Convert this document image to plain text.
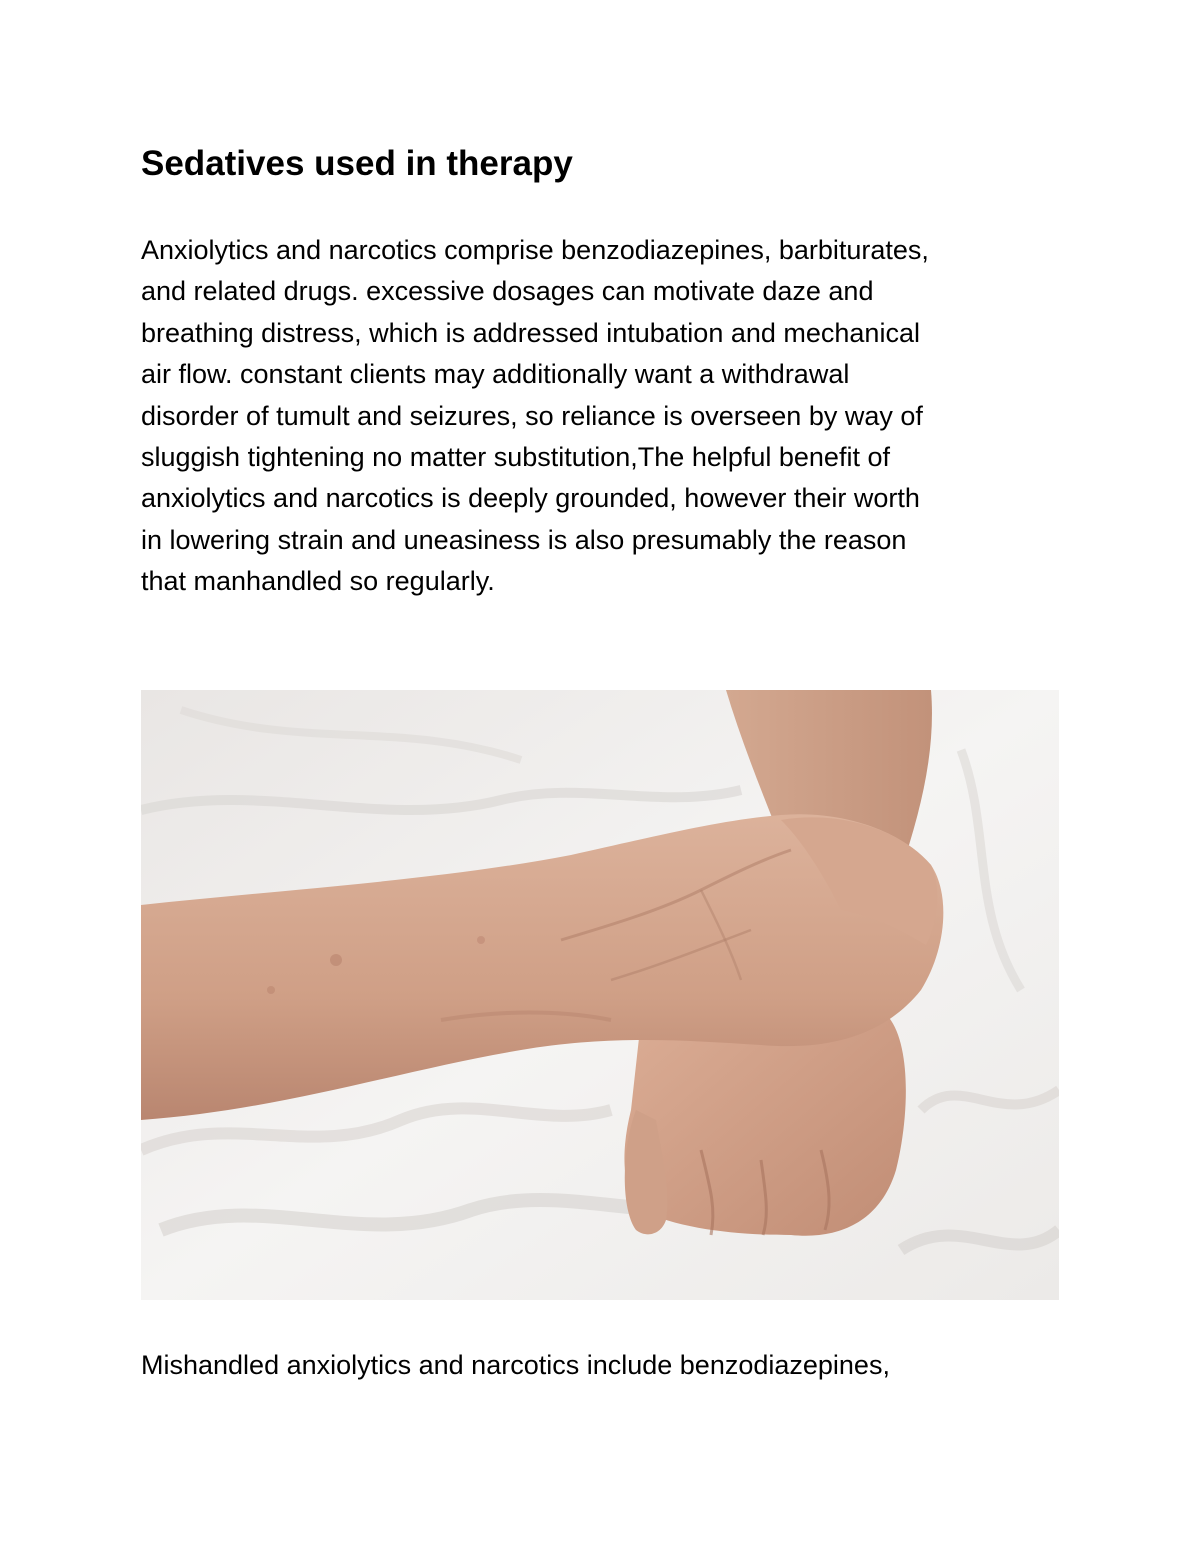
Sedatives used in therapy

Anxiolytics and narcotics comprise benzodiazepines, barbiturates,
and related drugs. excessive dosages can motivate daze and
breathing distress, which is addressed intubation and mechanical
air flow. constant clients may additionally want a withdrawal
disorder of tumult and seizures, so reliance is overseen by way of
sluggish tightening no matter substitution,The helpful benefit of
anxiolytics and narcotics is deeply grounded, however their worth
in lowering strain and uneasiness is also presumably the reason
that manhandled so regularly.

Mishandled anxiolytics and narcotics include benzodiazepines,
